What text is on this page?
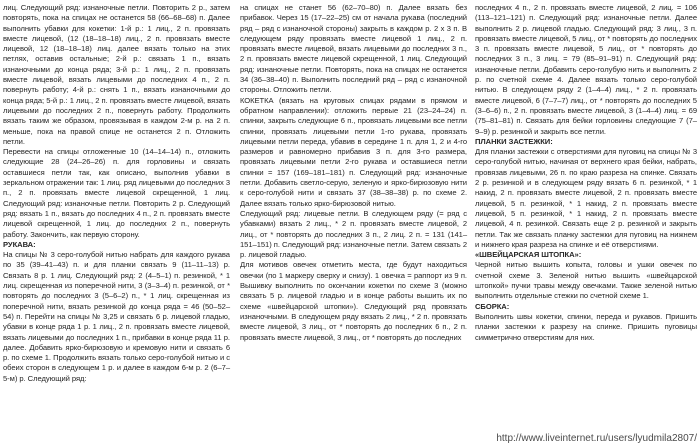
лиц. Следующий ряд: изнаночные петли. Повторить 2 р., затем повторять, пока на спицах не останется 58 (66–68–68) п. Далее выполнить убавки для кокетки: 1-й р.: 1 лиц., 2 п. провязать вместе лицевой, (12 (18–18–18) лиц., 2 п. провязать вместе лицевой, 12 (18–18–18) лиц. далее вязать только на этих петлях, оставив остальные; 2-й р.: связать 1 п., вязать изнаночными до конца ряда; 3-й р.: 1 лиц., 2 п. провязать вместе лицевой, вязать лицевыми до последних 4 п., 2 п. повернуть работу; 4-й р.: снять 1 п., вязать изнаночными до конца ряда; 5-й р.: 1 лиц., 2 п. провязать вместе лицевой, вязать лицевыми до последних 2 п., повернуть работу. Продолжить вязать таким же образом, провязывая в каждом 2-м р. на 2 п. меньше, пока на правой спице не останется 2 п. Отложить петли.

Перевести на спицы отложенные 10 (14–14–14) п., отложить следующие 28 (24–26–26) п. для горловины и связать оставшиеся петли так, как описано, выполнив убавки в зеркальном отражении так: 1 лиц. ряд лицевыми до последних 3 п., 2 п. провязать вместе лицевой скрещенной, 1 лиц. Следующий ряд: изнаночные петли. Повторить 2 р. Следующий ряд: вязать 1 п., вязать до последних 4 п., 2 п. провязать вместе лицевой скрещенной, 1 лиц. до последних 2 п., повернуть работу. Закончить, как первую сторону.

РУКАВА:

На спицы № 3 серо-голубой нитью набрать для каждого рукава по 35 (39–41–43) п. и для планки связать 9 (11–11–13) р. Связать 8 р. 1 лиц. Следующий ряд: 2 (4–5–1) п. резинкой, * 1 лиц. скрещенная из поперечной нити, 3 (3–3–4) п. резинкой, от * повторять до последних 3 (5–6–2) п., * 1 лиц. скрещенная из поперечной нити, вязать резинкой до конца ряда = 46 (50–52–54) п. Перейти на спицы № 3,25 и связать 6 р. лицевой гладью, убавки в конце ряда 1 р. 1 лиц., 2 п. провязать вместе лицевой, вязать лицевыми до последних 1 п., прибавки в конце ряда 11 р. далее. Добавить ярко-бирюзовую и кремовую нити и связать 6 р. по схеме 1. Продолжить вязать только серо-голубой нитью и с обеих сторон в следующем 1 р. и далее в каждом 6-м р. 2 (6–7–5-м) р. Следующий ряд:

на спицах не станет 56 (62–70–80) п. Далее вязать без прибавок. Через 15 (17–22–25) см от начала рукава (последний ряд – ряд с изнаночной стороны) закрыть в каждом р. 2 х 3 п. В следующем ряду провязать вместе лицевой 1 лиц., 2 п. провязать вместе лицевой, вязать лицевыми до последних 3 п., 2 п. провязать вместе лицевой скрещенной, 1 лиц. Следующий ряд: изнаночные петли. Повторять, пока на спицах не останется 34 (36–38–40) п. Выполнить последний ряд – ряд с изнаночной стороны. Отложить петли.

КОКЕТКА (вязать на круговых спицах рядами в прямом и обратном направлении): отложить первые 21 (23–24–24) п. спинки, закрыть следующие 6 п., провязать лицевыми все петли спинки, провязать лицевыми петли 1-го рукава, провязать лицевыми петли переда, убавив в середине 1 п. для 1, 2 и 4-го размеров и равномерно прибавив 3 п. для 3-го размера, провязать лицевыми петли 2-го рукава и оставшиеся петли спинки = 157 (169–181–181) п. Следующий ряд: изнаночные петли. Добавить светло-серую, зеленую и ярко-бирюзовую нити к серо-голубой нити и связать 37 (38–38–38) р. по схеме 2. Далее вязать только ярко-бирюзовой нитью.

Следующий ряд: лицевые петли. В следующем ряду (= ряд с убавками) вязать 2 лиц., * 2 п. провязать вместе лицевой, 2 лиц., от * повторять до последних 3 п., 2 лиц. 2 п. = 131 (141–151–151) п. Следующий ряд: изнаночные петли. Затем связать 2 р. лицевой гладью.

Для мотивов овечек отметить места, где будут находиться овечки (по 1 маркеру сверху и снизу). 1 овечка = раппорт из 9 п. Вышивку выполнить по окончании кокетки по схеме 3 (можно связать 5 р. лицевой гладью и в конце работы вышить их по схеме «швейцарской штопки»). Следующий ряд провязать изнаночными. В следующем ряду вязать 2 лиц., * 2 п. провязать вместе лицевой, 3 лиц., от * повторять до последних 6 п., 2 п. провязать вместе лицевой, 3 лиц., от * повторять до последних

последних 4 п., 2 п. провязать вместе лицевой, 2 лиц. = 106 (113–121–121) п. Следующий ряд: изнаночные петли. Далее выполнить 2 р. лицевой гладью. Следующий ряд: 3 лиц., 3 п. провязать вместе лицевой, 5 лиц., от * повторять до последних 3 п. провязать вместе лицевой, 5 лиц., от * повторять до последних 3 п., 3 лиц. = 79 (85–91–91) п. Следующий ряд: изнаночные петли. Добавить серо-голубую нить и выполнить 2 р. по счетной схеме 4. Далее вязать только серо-голубой нитью. В следующем ряду 2 (1–4–4) лиц., * 2 п. провязать вместе лицевой, 6 (7–7–7) лиц., от * повторять до последних 5 (3–6–6) п., 2 п. провязать вместе лицевой, 3 (1–4–4) лиц. = 69 (75–81–81) п. Связать для бейки горловины следующие 7 (7–9–9) р. резинкой и закрыть все петли.

ПЛАНКИ ЗАСТЕЖКИ:

Для планки застежки с отверстиями для пуговиц на спицы № 3 серо-голубой нитью, начиная от верхнего края бейки, набрать, провязав лицевыми, 26 п. по краю разреза на спинке. Связать 2 р. резинкой и в следующем ряду вязать 6 п. резинкой, * 1 накид, 2 п. провязать вместе лицевой, 2 п. провязать вместе лицевой, 5 п. резинкой, * 1 накид, 2 п. провязать вместе лицевой, 5 п. резинкой, * 1 накид, 2 п. провязать вместе лицевой, 4 п. резинкой. Связать еще 2 р. резинкой и закрыть петли. Так же связать планку застежки для пуговиц на нижнем и нижнего края разреза на спинке и её отверстиями.

«ШВЕЙЦАРСКАЯ ШТОПКА»:

Черной нитью вышить копыта, головы и ушки овечек по счетной схеме 3. Зеленой нитью вышить «швейцарской штопкой» пучки травы между овечками. Также зеленой нитью выполнить отдельные стежки по счетной схеме 1.

СБОРКА:

Выполнить швы кокетки, спинки, переда и рукавов. Пришить планки застежки к разрезу на спинке. Пришить пуговицы симметрично отверстиям для них.

http://www.liveinternet.ru/users/lyudmila2807/
